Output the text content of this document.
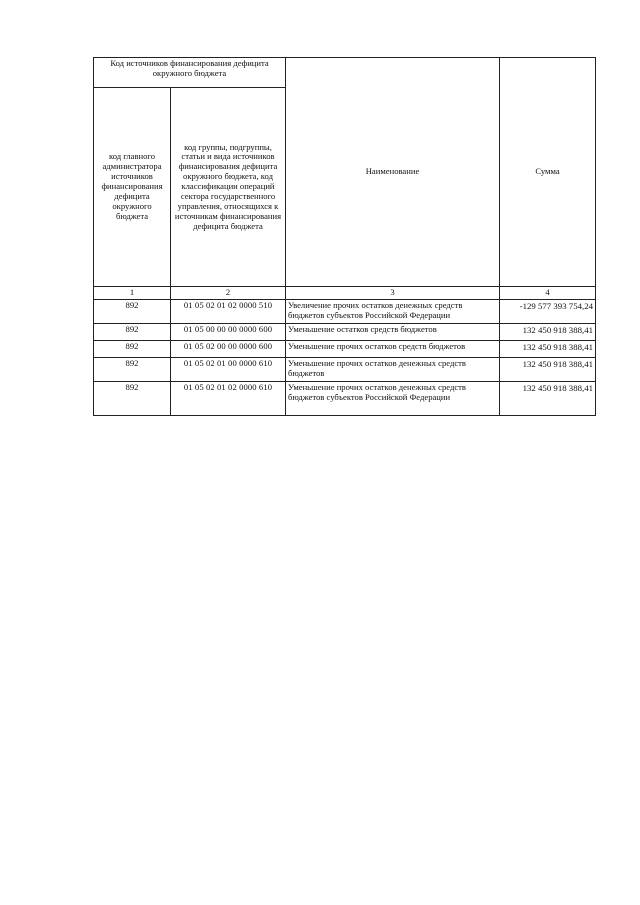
Код источников финансирования дефицита окружного бюджета		Наименование	Сумма
код главного администратора источников финансирования дефицита окружного бюджета	код группы, подгруппы, статьи и вида источников финансирования дефицита окружного бюджета, код классификации операций сектора государственного управления, относящихся к источникам финансирования дефицита бюджета		
1	2	3	4
892	01 05 02 01 02 0000 510	Увеличение прочих остатков денежных средств бюджетов субъектов Российской Федерации	-129 577 393 754,24
892	01 05 00 00 00 0000 600	Уменьшение остатков средств бюджетов	132 450 918 388,41
892	01 05 02 00 00 0000 600	Уменьшение прочих остатков средств бюджетов	132 450 918 388,41
892	01 05 02 01 00 0000 610	Уменьшение прочих остатков денежных средств бюджетов	132 450 918 388,41
892	01 05 02 01 02 0000 610	Уменьшение прочих остатков денежных средств бюджетов субъектов Российской Федерации	132 450 918 388,41
